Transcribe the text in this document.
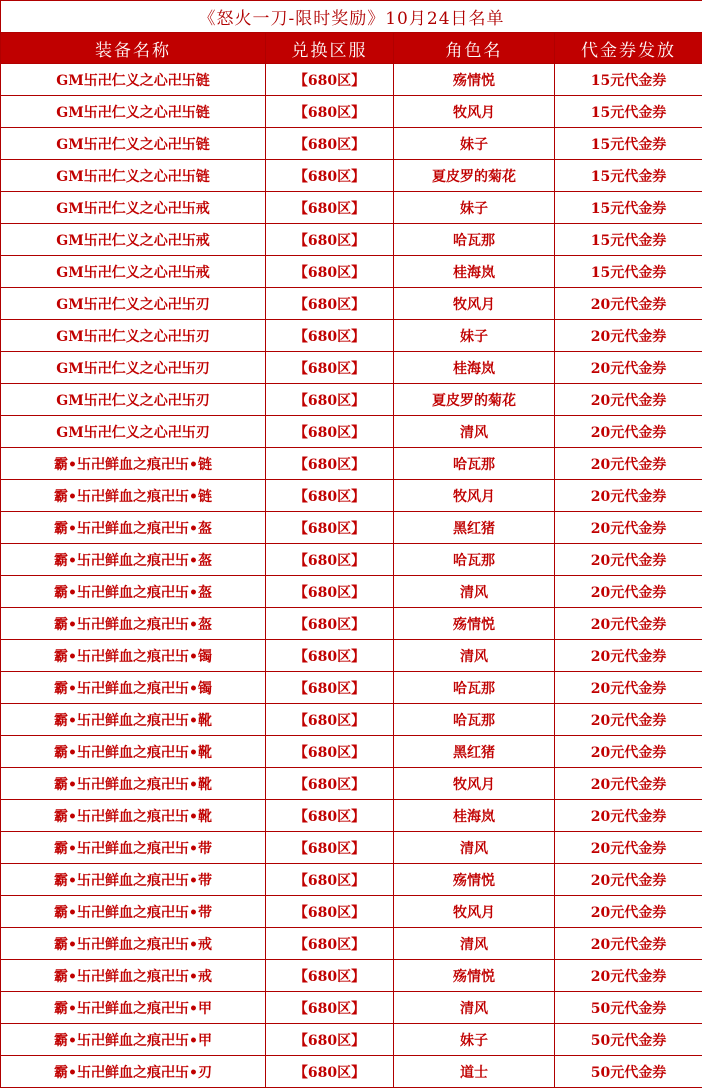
《怒火一刀-限时奖励》10月24日名单			
装备名称	兑换区服	角色名	代金券发放
GM卐卍仁义之心卍卐链	【680区】	殇情悦	15元代金券
GM卐卍仁义之心卍卐链	【680区】	牧风月	15元代金券
GM卐卍仁义之心卍卐链	【680区】	妹子	15元代金券
GM卐卍仁义之心卍卐链	【680区】	夏皮罗的菊花	15元代金券
GM卐卍仁义之心卍卐戒	【680区】	妹子	15元代金券
GM卐卍仁义之心卍卐戒	【680区】	哈瓦那	15元代金券
GM卐卍仁义之心卍卐戒	【680区】	桂海岚	15元代金券
GM卐卍仁义之心卍卐刃	【680区】	牧风月	20元代金券
GM卐卍仁义之心卍卐刃	【680区】	妹子	20元代金券
GM卐卍仁义之心卍卐刃	【680区】	桂海岚	20元代金券
GM卐卍仁义之心卍卐刃	【680区】	夏皮罗的菊花	20元代金券
GM卐卍仁义之心卍卐刃	【680区】	清风	20元代金券
霸•卐卍鲜血之痕卍卐•链	【680区】	哈瓦那	20元代金券
霸•卐卍鲜血之痕卍卐•链	【680区】	牧风月	20元代金券
霸•卐卍鲜血之痕卍卐•盔	【680区】	黑红猪	20元代金券
霸•卐卍鲜血之痕卍卐•盔	【680区】	哈瓦那	20元代金券
霸•卐卍鲜血之痕卍卐•盔	【680区】	清风	20元代金券
霸•卐卍鲜血之痕卍卐•盔	【680区】	殇情悦	20元代金券
霸•卐卍鲜血之痕卍卐•镯	【680区】	清风	20元代金券
霸•卐卍鲜血之痕卍卐•镯	【680区】	哈瓦那	20元代金券
霸•卐卍鲜血之痕卍卐•靴	【680区】	哈瓦那	20元代金券
霸•卐卍鲜血之痕卍卐•靴	【680区】	黑红猪	20元代金券
霸•卐卍鲜血之痕卍卐•靴	【680区】	牧风月	20元代金券
霸•卐卍鲜血之痕卍卐•靴	【680区】	桂海岚	20元代金券
霸•卐卍鲜血之痕卍卐•带	【680区】	清风	20元代金券
霸•卐卍鲜血之痕卍卐•带	【680区】	殇情悦	20元代金券
霸•卐卍鲜血之痕卍卐•带	【680区】	牧风月	20元代金券
霸•卐卍鲜血之痕卍卐•戒	【680区】	清风	20元代金券
霸•卐卍鲜血之痕卍卐•戒	【680区】	殇情悦	20元代金券
霸•卐卍鲜血之痕卍卐•甲	【680区】	清风	50元代金券
霸•卐卍鲜血之痕卍卐•甲	【680区】	妹子	50元代金券
霸•卐卍鲜血之痕卍卐•刃	【680区】	道士	50元代金券
